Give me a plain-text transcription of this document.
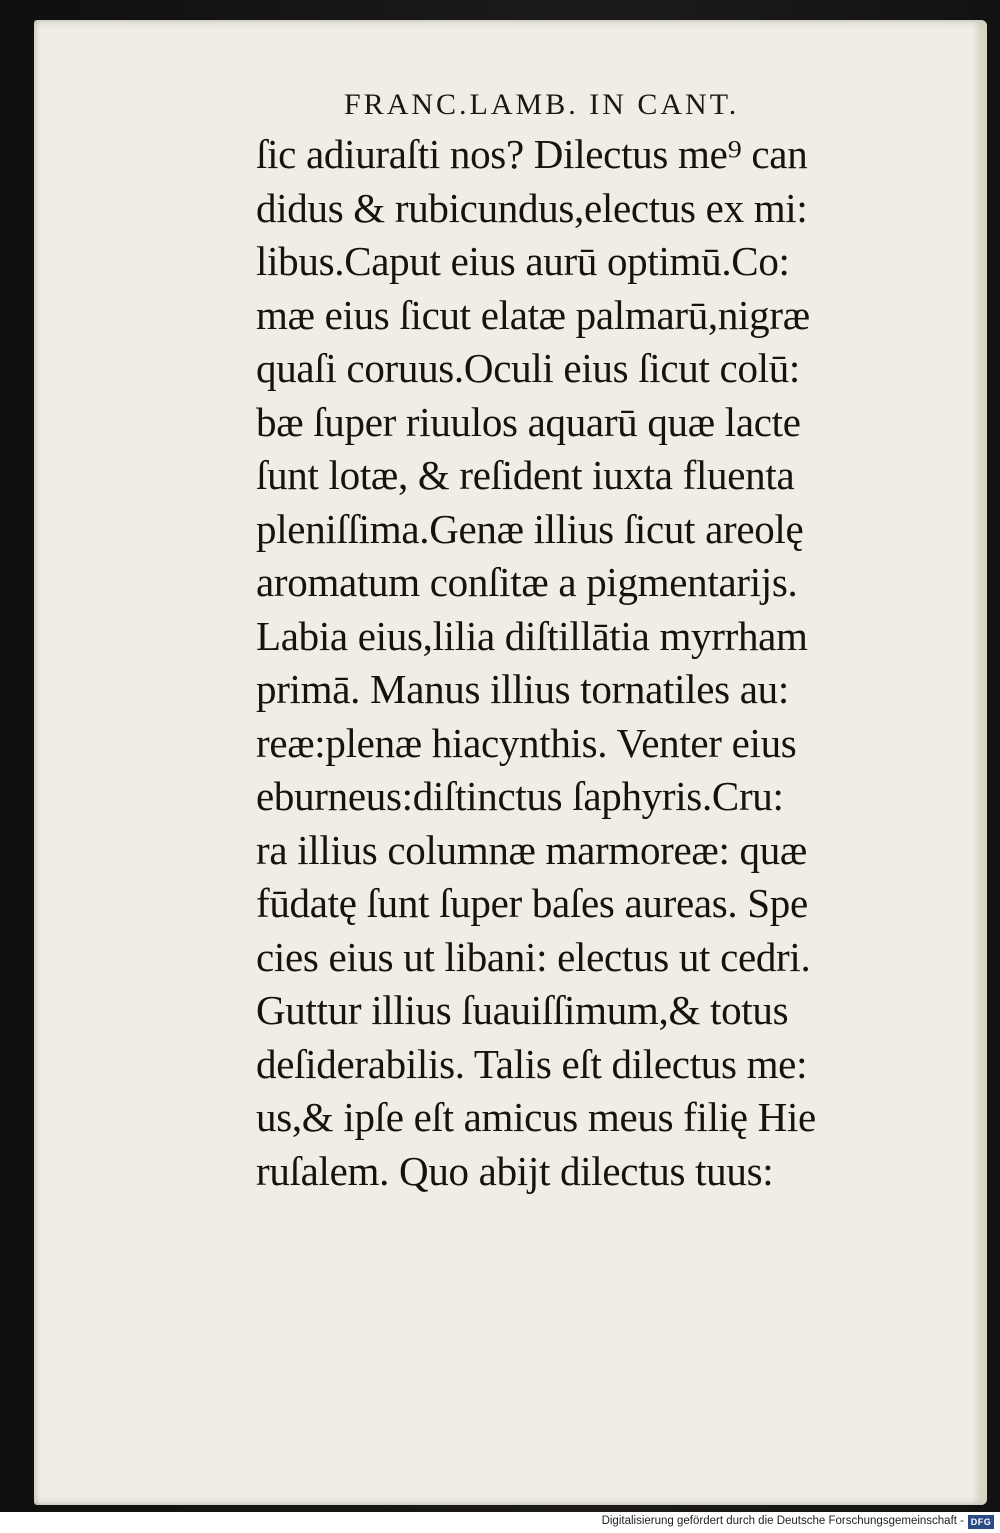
FRANC.LAMB. IN CANT.
ſic adiuraſti nos? Dilectus me⁹ can
didus & rubicundus,electus ex mi:
libus.Caput eius aurū optimū.Co:
mæ eius ſicut elatæ palmarū,nigræ
quaſi coruus.Oculi eius ſicut colū:
bæ ſuper riuulos aquarū quæ lacte
ſunt lotæ, & reſident iuxta fluenta
pleniſſima.Genæ illius ſicut areolę
aromatum conſitæ a pigmentarijs.
Labia eius,lilia diſtillātia myrrham
primā. Manus illius tornatiles au:
reæ:plenæ hiacynthis. Venter eius
eburneus:diſtinctus ſaphyris.Cru:
ra illius columnæ marmoreæ: quæ
fūdatę ſunt ſuper baſes aureas. Spe
cies eius ut libani: electus ut cedri.
Guttur illius ſuauiſſimum,& totus
deſiderabilis. Talis eſt dilectus me:
us,& ipſe eſt amicus meus filię Hie
ruſalem. Quo abijt dilectus tuus:
Digitalisierung gefördert durch die Deutsche Forschungsgemeinschaft - DFG
